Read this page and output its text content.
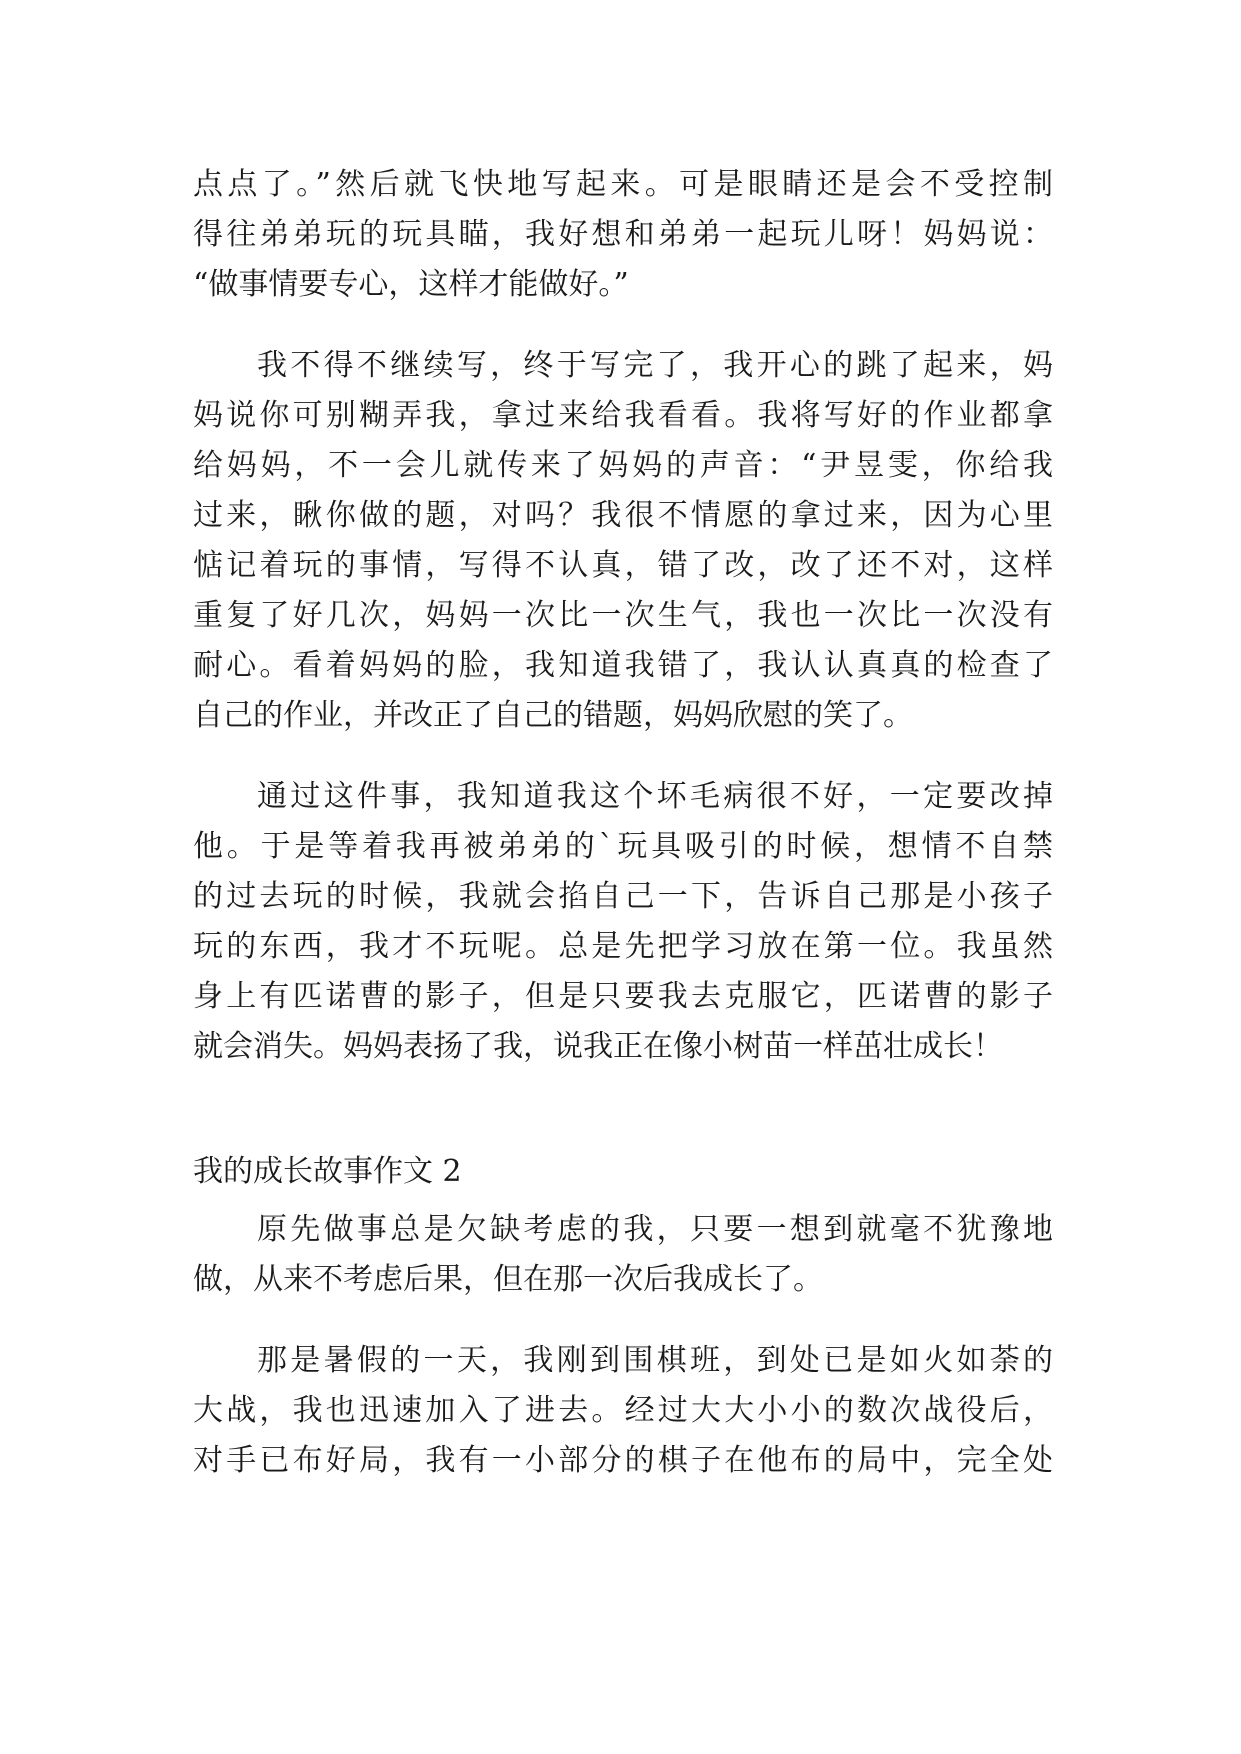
点点了。”然后就飞快地写起来。可是眼睛还是会不受控制
得往弟弟玩的玩具瞄，我好想和弟弟一起玩儿呀！妈妈说：
“做事情要专心，这样才能做好。”
我不得不继续写，终于写完了，我开心的跳了起来，妈
妈说你可别糊弄我，拿过来给我看看。我将写好的作业都拿
给妈妈，不一会儿就传来了妈妈的声音：“尹昱雯，你给我
过来，瞅你做的题，对吗？我很不情愿的拿过来，因为心里
惦记着玩的事情，写得不认真，错了改，改了还不对，这样
重复了好几次，妈妈一次比一次生气，我也一次比一次没有
耐心。看着妈妈的脸，我知道我错了，我认认真真的检查了
自己的作业，并改正了自己的错题，妈妈欣慰的笑了。
通过这件事，我知道我这个坏毛病很不好，一定要改掉
他。于是等着我再被弟弟的`玩具吸引的时候，想情不自禁
的过去玩的时候，我就会掐自己一下，告诉自己那是小孩子
玩的东西，我才不玩呢。总是先把学习放在第一位。我虽然
身上有匹诺曹的影子，但是只要我去克服它，匹诺曹的影子
就会消失。妈妈表扬了我，说我正在像小树苗一样茁壮成长！
我的成长故事作文 2
原先做事总是欠缺考虑的我，只要一想到就毫不犹豫地
做，从来不考虑后果，但在那一次后我成长了。
那是暑假的一天，我刚到围棋班，到处已是如火如荼的
大战，我也迅速加入了进去。经过大大小小的数次战役后，
对手已布好局，我有一小部分的棋子在他布的局中，完全处
